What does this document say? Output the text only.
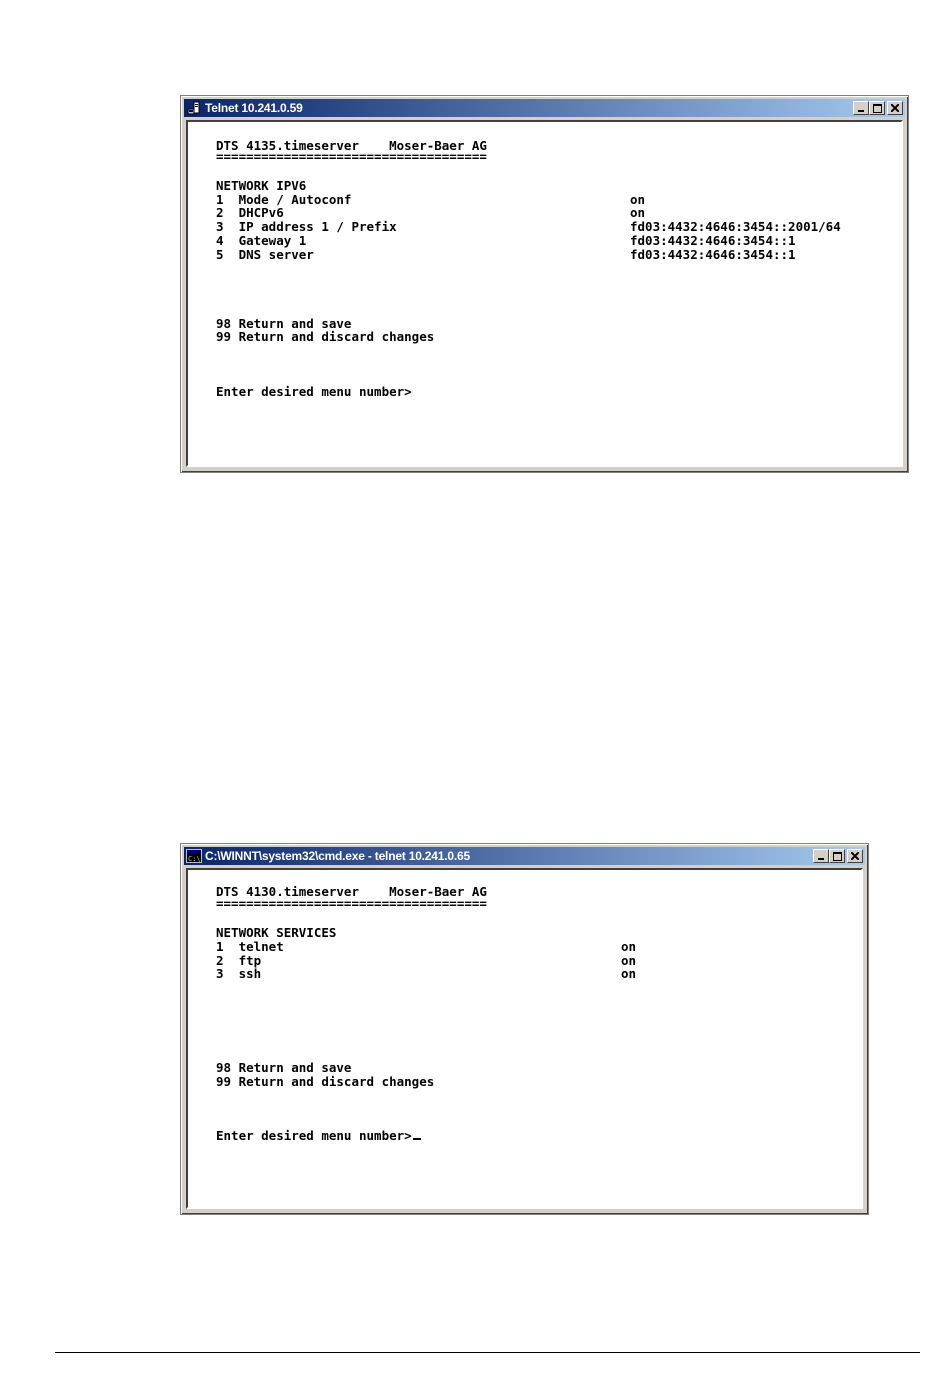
Telnet 10.241.0.59
DTS 4135.timeserver    Moser-Baer AG
====================================
NETWORK IPV6
1  Mode / Autoconf	on
2  DHCPv6	on
3  IP address 1 / Prefix	fd03:4432:4646:3454::2001/64
4  Gateway 1	fd03:4432:4646:3454::1
5  DNS server	fd03:4432:4646:3454::1
98 Return and save
99 Return and discard changes
Enter desired menu number>
C:\ C:\WINNT\system32\cmd.exe - telnet 10.241.0.65
DTS 4130.timeserver    Moser-Baer AG
====================================
NETWORK SERVICES
1  telnet	on
2  ftp	on
3  ssh	on
98 Return and save
99 Return and discard changes
Enter desired menu number>
